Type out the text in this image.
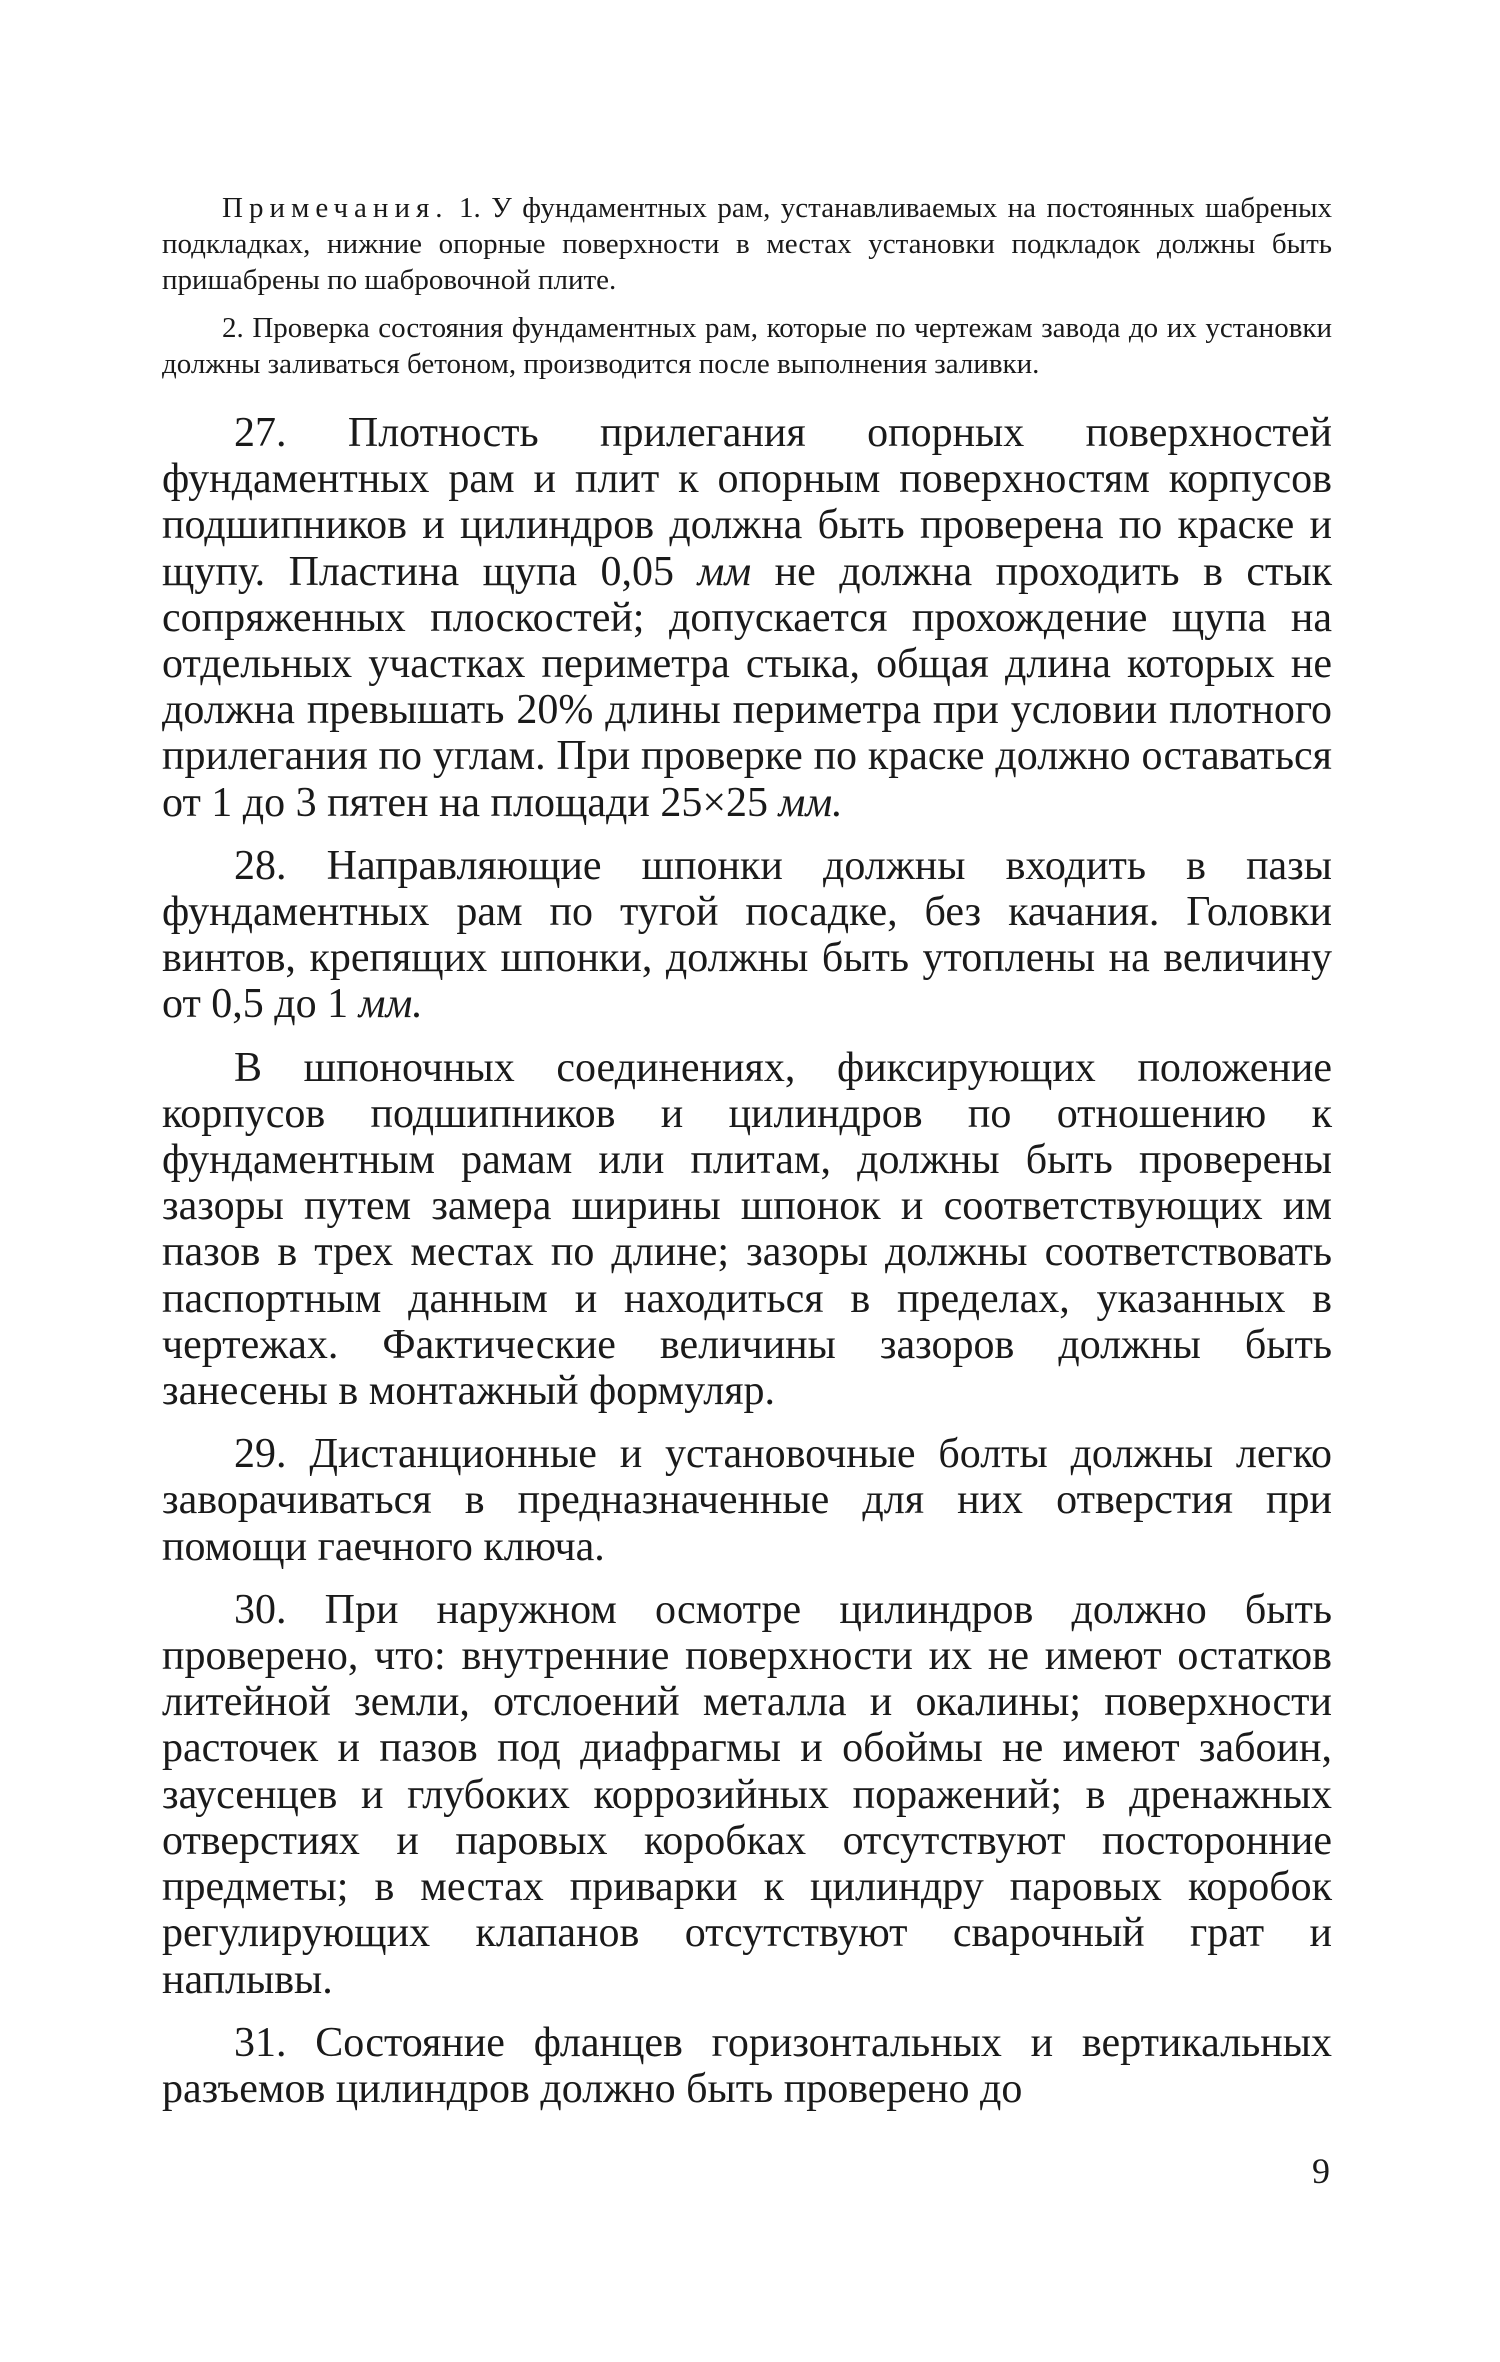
Примечания. 1. У фундаментных рам, устанавливаемых на постоянных шабреных подкладках, нижние опорные поверхности в местах установки подкладок должны быть пришабрены по шабровочной плите.

2. Проверка состояния фундаментных рам, которые по чертежам завода до их установки должны заливаться бетоном, производится после выполнения заливки.

27. Плотность прилегания опорных поверхностей фундаментных рам и плит к опорным поверхностям корпусов подшипников и цилиндров должна быть проверена по краске и щупу. Пластина щупа 0,05 мм не должна проходить в стык сопряженных плоскостей; допускается прохождение щупа на отдельных участках периметра стыка, общая длина которых не должна превышать 20% длины периметра при условии плотного прилегания по углам. При проверке по краске должно оставаться от 1 до 3 пятен на площади 25×25 мм.

28. Направляющие шпонки должны входить в пазы фундаментных рам по тугой посадке, без качания. Головки винтов, крепящих шпонки, должны быть утоплены на величину от 0,5 до 1 мм.

В шпоночных соединениях, фиксирующих положение корпусов подшипников и цилиндров по отношению к фундаментным рамам или плитам, должны быть проверены зазоры путем замера ширины шпонок и соответствующих им пазов в трех местах по длине; зазоры должны соответствовать паспортным данным и находиться в пределах, указанных в чертежах. Фактические величины зазоров должны быть занесены в монтажный формуляр.

29. Дистанционные и установочные болты должны легко заворачиваться в предназначенные для них отверстия при помощи гаечного ключа.

30. При наружном осмотре цилиндров должно быть проверено, что: внутренние поверхности их не имеют остатков литейной земли, отслоений металла и окалины; поверхности расточек и пазов под диафрагмы и обоймы не имеют забоин, заусенцев и глубоких коррозийных поражений; в дренажных отверстиях и паровых коробках отсутствуют посторонние предметы; в местах приварки к цилиндру паровых коробок регулирующих клапанов отсутствуют сварочный грат и наплывы.

31. Состояние фланцев горизонтальных и вертикальных разъемов цилиндров должно быть проверено до

9
